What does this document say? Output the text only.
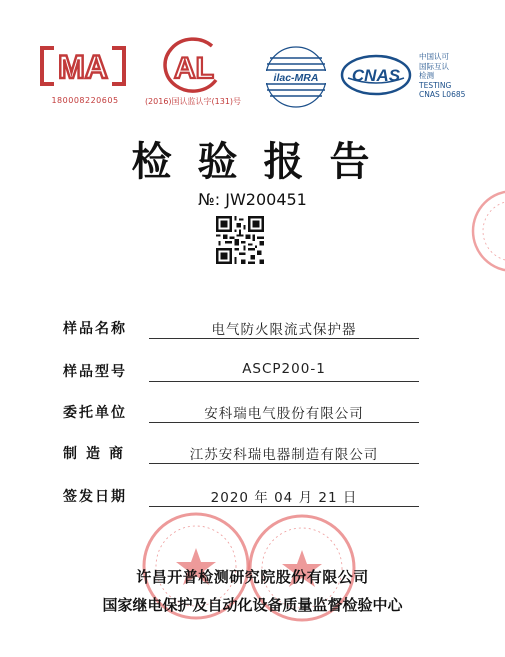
MA
180008220605
AL
(2016)国认监认字(131)号
ilac-MRA CNAS
中国认可
国际互认
检测
TESTING
CNAS L0685
检验报告
№: JW200451
样品名称	电气防火限流式保护器
样品型号	ASCP200-1
委托单位	安科瑞电气股份有限公司
制造商	江苏安科瑞电器制造有限公司
签发日期	2020 年 04 月 21 日
许昌开普检测研究院股份有限公司
国家继电保护及自动化设备质量监督检验中心
